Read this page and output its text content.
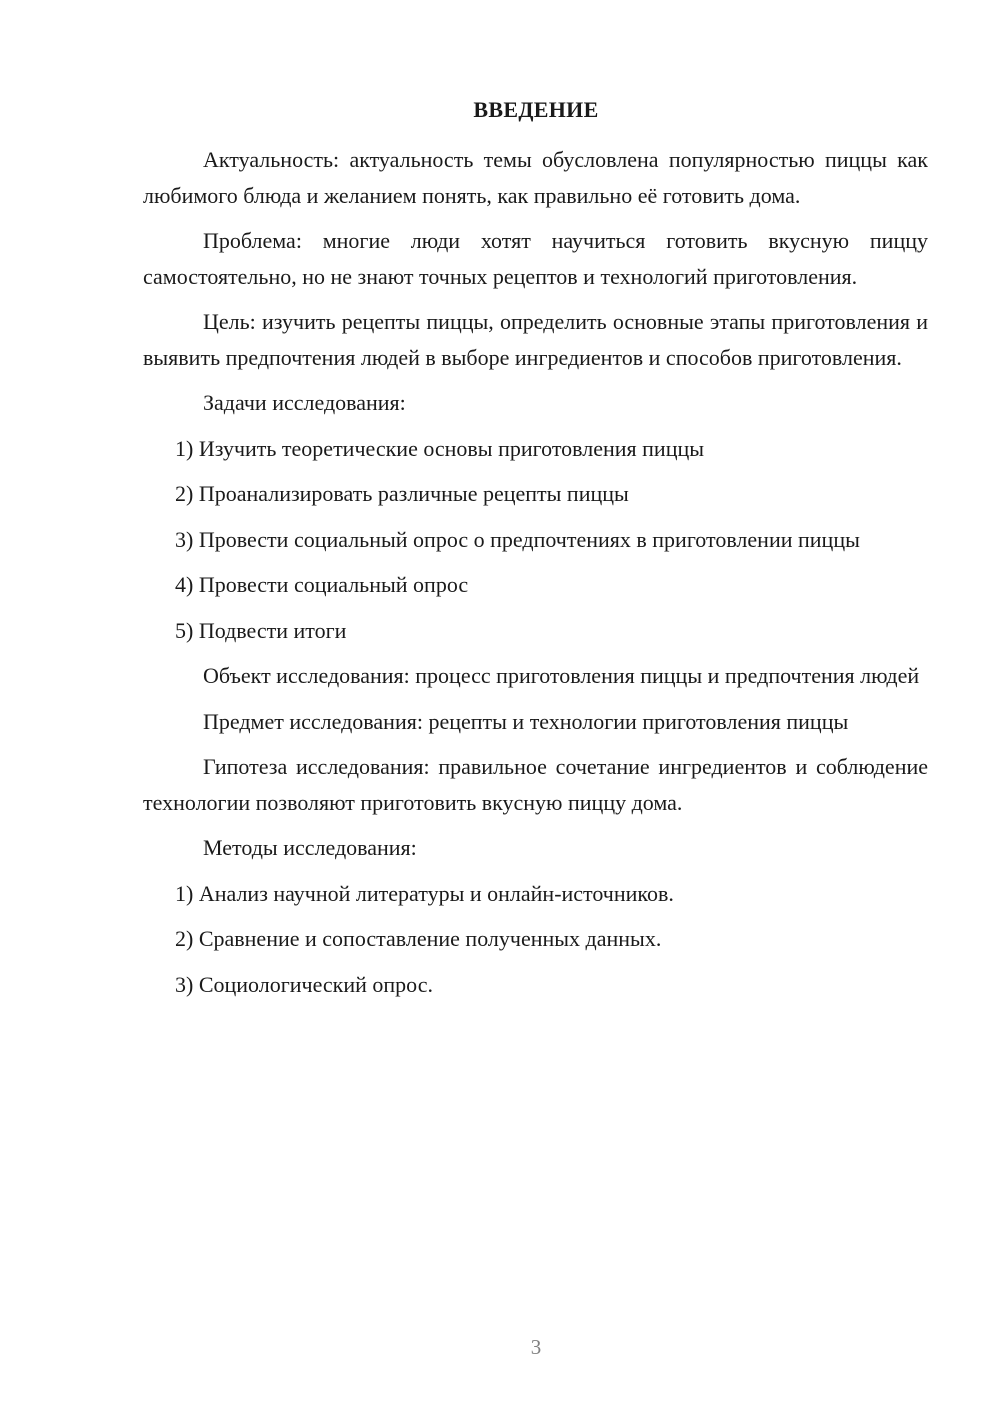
ВВЕДЕНИЕ

Актуальность: актуальность темы обусловлена популярностью пиццы как любимого блюда и желанием понять, как правильно её готовить дома.

Проблема: многие люди хотят научиться готовить вкусную пиццу самостоятельно, но не знают точных рецептов и технологий приготовления.

Цель: изучить рецепты пиццы, определить основные этапы приготовления и выявить предпочтения людей в выборе ингредиентов и способов приготовления.

Задачи исследования:

1) Изучить теоретические основы приготовления пиццы

2) Проанализировать различные рецепты пиццы

3) Провести социальный опрос о предпочтениях в приготовлении пиццы

4) Провести социальный опрос

5) Подвести итоги

Объект исследования: процесс приготовления пиццы и предпочтения людей

Предмет исследования: рецепты и технологии приготовления пиццы

Гипотеза исследования: правильное сочетание ингредиентов и соблюдение технологии позволяют приготовить вкусную пиццу дома.

Методы исследования:

1) Анализ научной литературы и онлайн-источников.

2) Сравнение и сопоставление полученных данных.

3) Социологический опрос.

3
